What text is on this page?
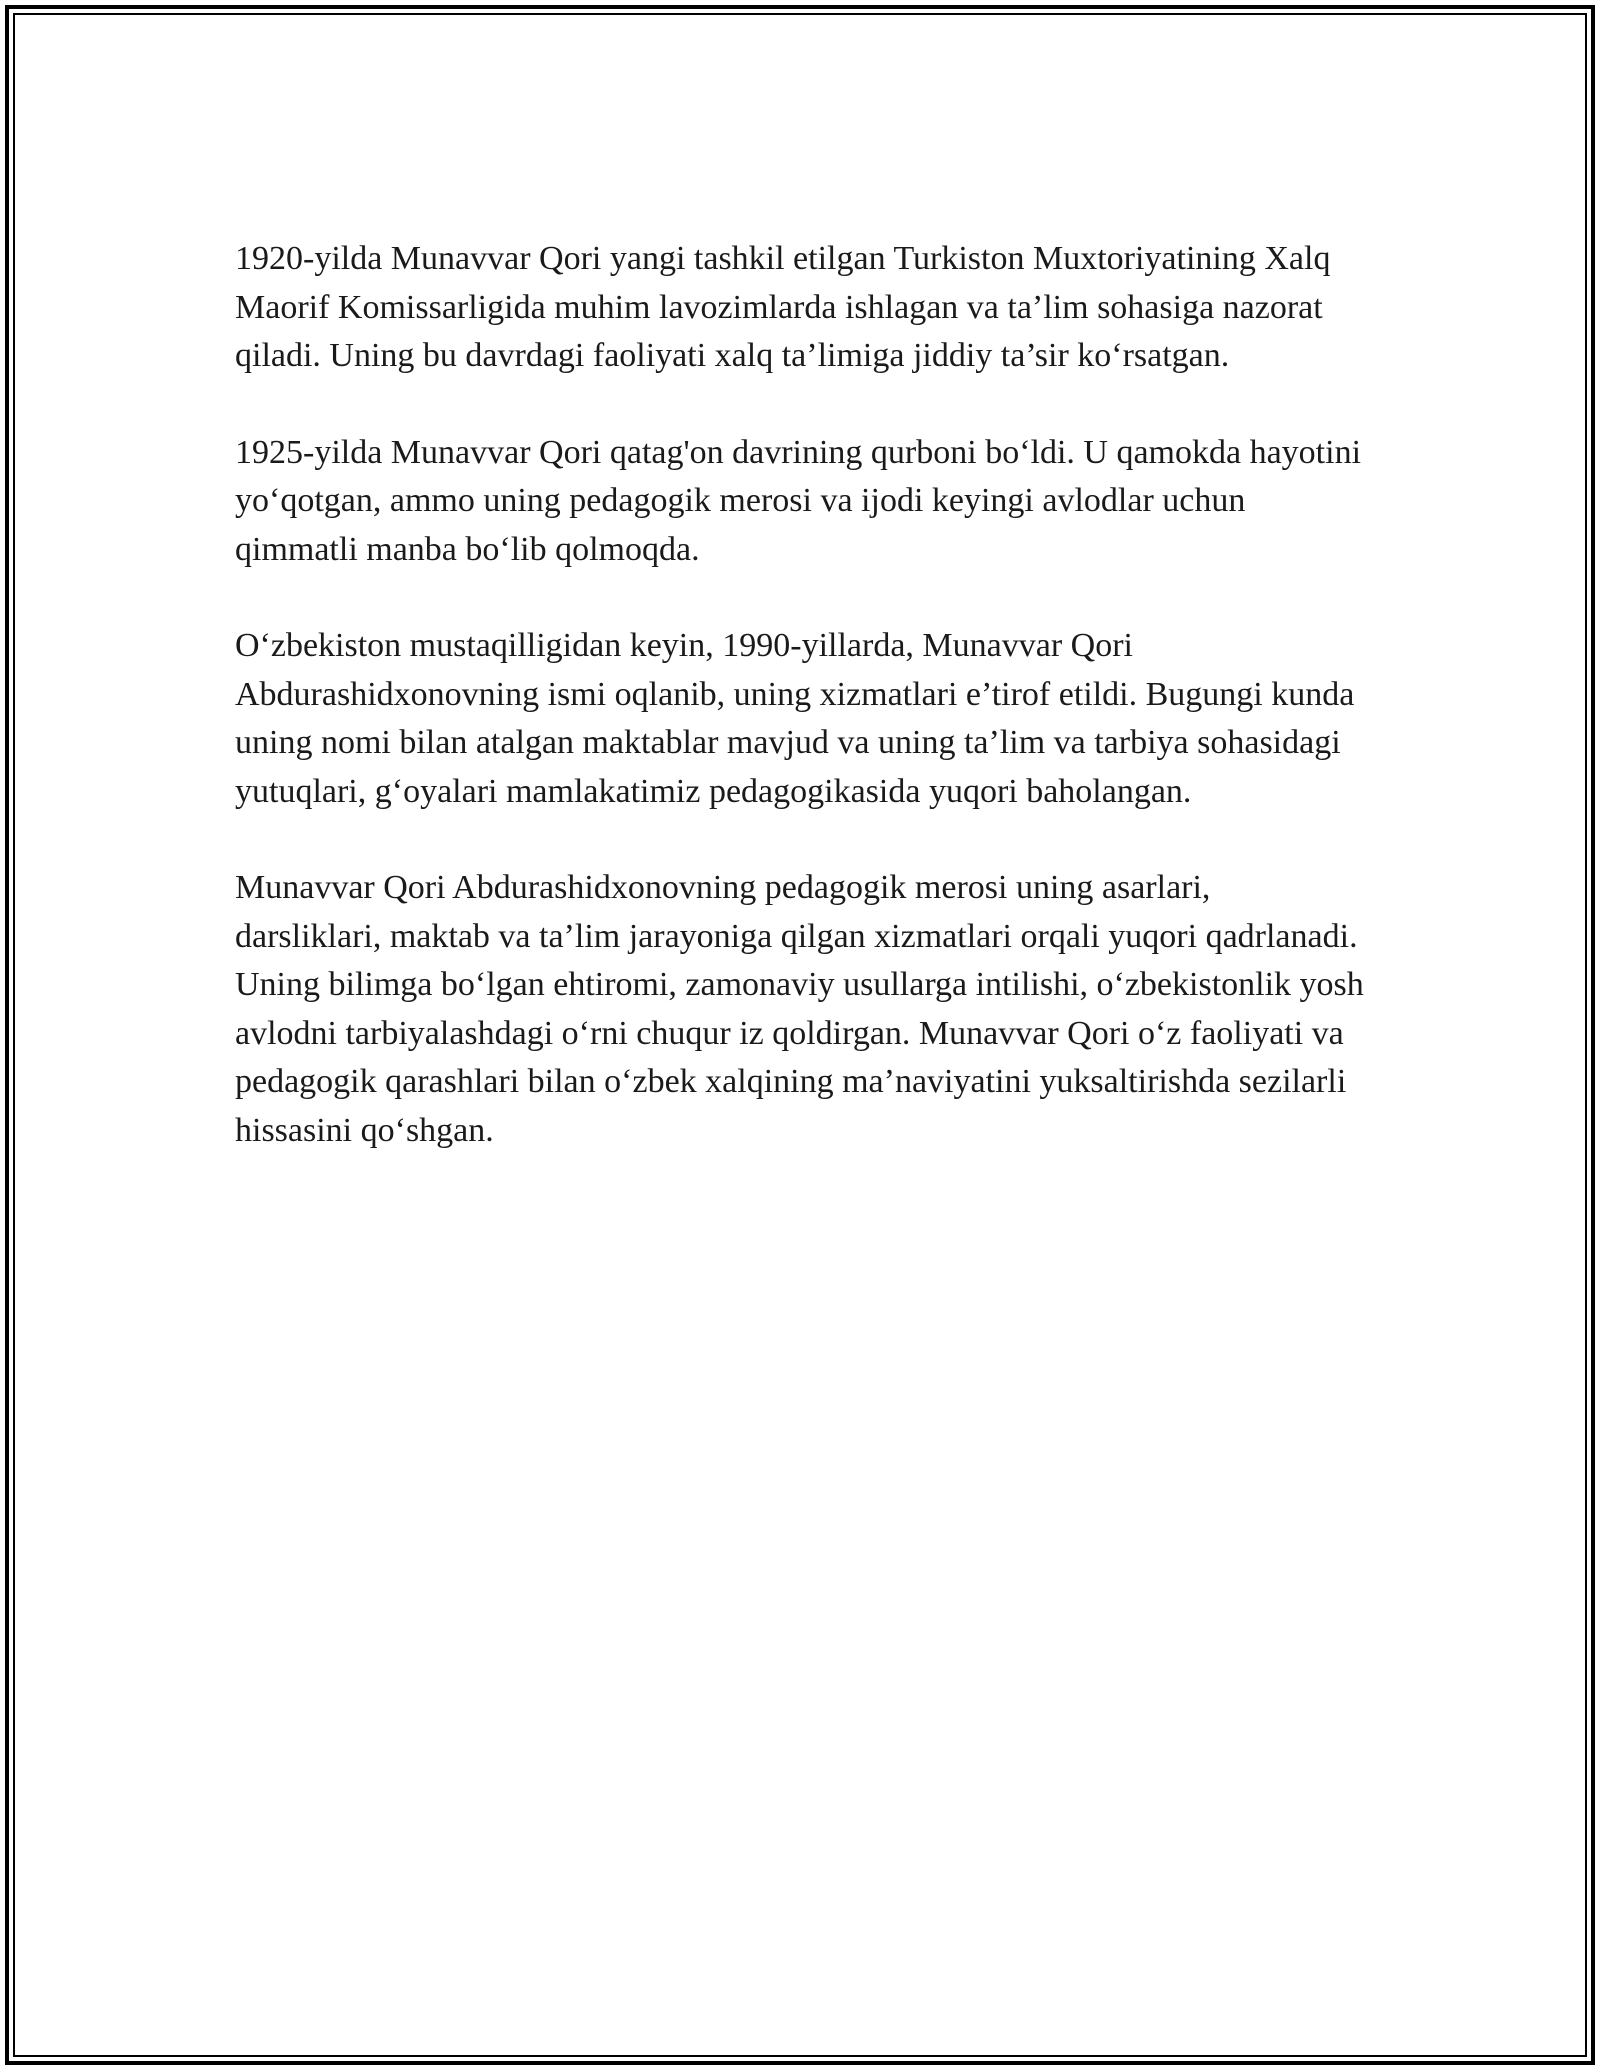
1920-yilda Munavvar Qori yangi tashkil etilgan Turkiston Muxtoriyatining Xalq Maorif Komissarligida muhim lavozimlarda ishlagan va ta’lim sohasiga nazorat qiladi. Uning bu davrdagi faoliyati xalq ta’limiga jiddiy ta’sir ko‘rsatgan.

1925-yilda Munavvar Qori qatag'on davrining qurboni bo‘ldi. U qamokda hayotini yo‘qotgan, ammo uning pedagogik merosi va ijodi keyingi avlodlar uchun qimmatli manba bo‘lib qolmoqda.

O‘zbekiston mustaqilligidan keyin, 1990-yillarda, Munavvar Qori Abdurashidxonovning ismi oqlanib, uning xizmatlari e’tirof etildi. Bugungi kunda uning nomi bilan atalgan maktablar mavjud va uning ta’lim va tarbiya sohasidagi yutuqlari, g‘oyalari mamlakatimiz pedagogikasida yuqori baholangan.

Munavvar Qori Abdurashidxonovning pedagogik merosi uning asarlari, darsliklari, maktab va ta’lim jarayoniga qilgan xizmatlari orqali yuqori qadrlanadi. Uning bilimga bo‘lgan ehtiromi, zamonaviy usullarga intilishi, o‘zbekistonlik yosh avlodni tarbiyalashdagi o‘rni chuqur iz qoldirgan. Munavvar Qori o‘z faoliyati va pedagogik qarashlari bilan o‘zbek xalqining ma’naviyatini yuksaltirishda sezilarli hissasini qo‘shgan.
